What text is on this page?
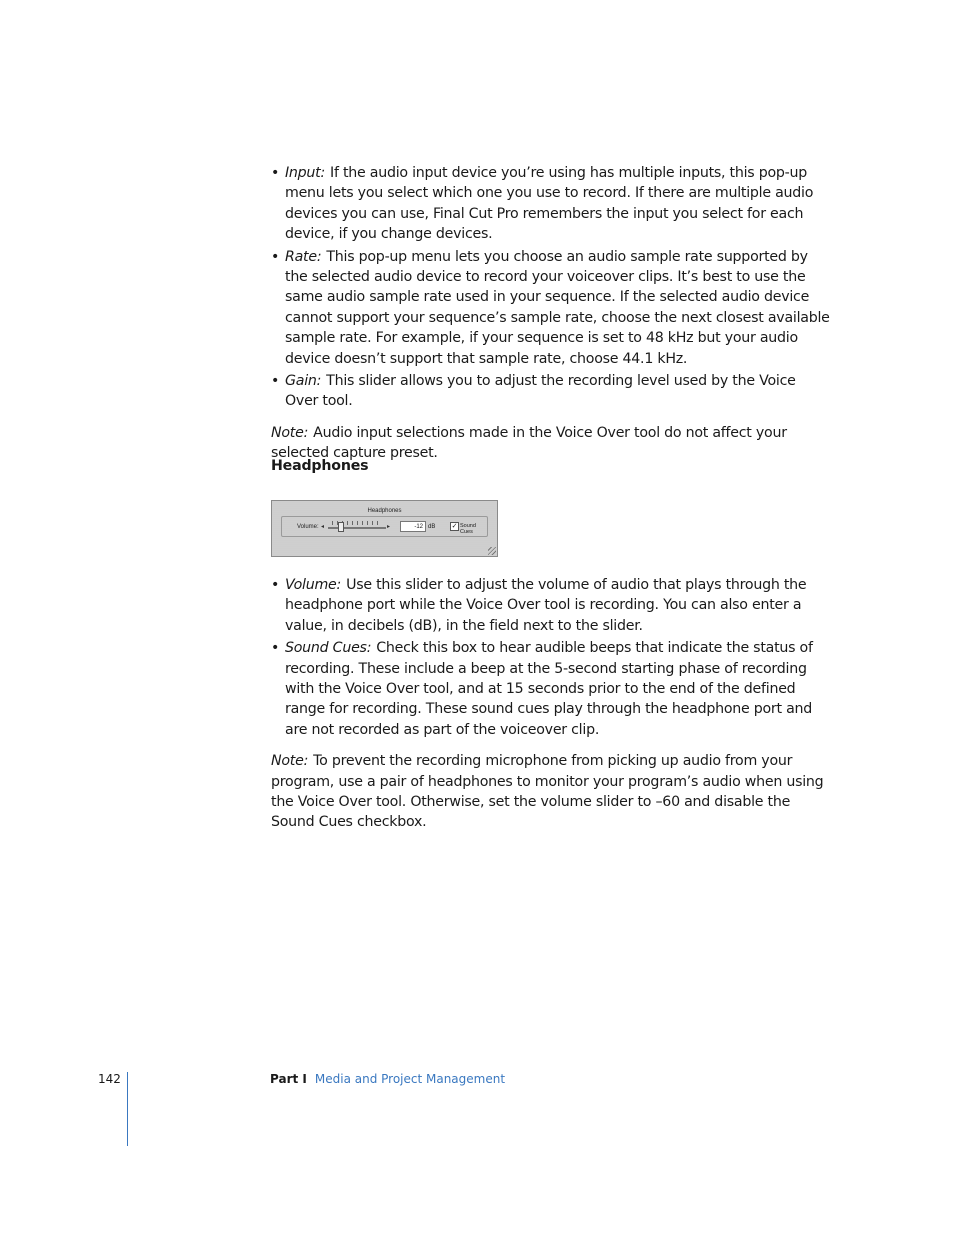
• Input: If the audio input device you’re using has multiple inputs, this pop-up menu lets you select which one you use to record. If there are multiple audio devices you can use, Final Cut Pro remembers the input you select for each device, if you change devices.
• Rate: This pop-up menu lets you choose an audio sample rate supported by the selected audio device to record your voiceover clips. It’s best to use the same audio sample rate used in your sequence. If the selected audio device cannot support your sequence’s sample rate, choose the next closest available sample rate. For example, if your sequence is set to 48 kHz but your audio device doesn’t support that sample rate, choose 44.1 kHz.
• Gain: This slider allows you to adjust the recording level used by the Voice Over tool.

Note: Audio input selections made in the Voice Over tool do not affect your selected capture preset.

Headphones
Headphones
Volume: ◂	▸	-12 dB ✓ Sound Cues
• Volume: Use this slider to adjust the volume of audio that plays through the headphone port while the Voice Over tool is recording. You can also enter a value, in decibels (dB), in the field next to the slider.
• Sound Cues: Check this box to hear audible beeps that indicate the status of recording. These include a beep at the 5-second starting phase of recording with the Voice Over tool, and at 15 seconds prior to the end of the defined range for recording. These sound cues play through the headphone port and are not recorded as part of the voiceover clip.

Note: To prevent the recording microphone from picking up audio from your program, use a pair of headphones to monitor your program’s audio when using the Voice Over tool. Otherwise, set the volume slider to –60 and disable the Sound Cues checkbox.

142	Part I Media and Project Management
